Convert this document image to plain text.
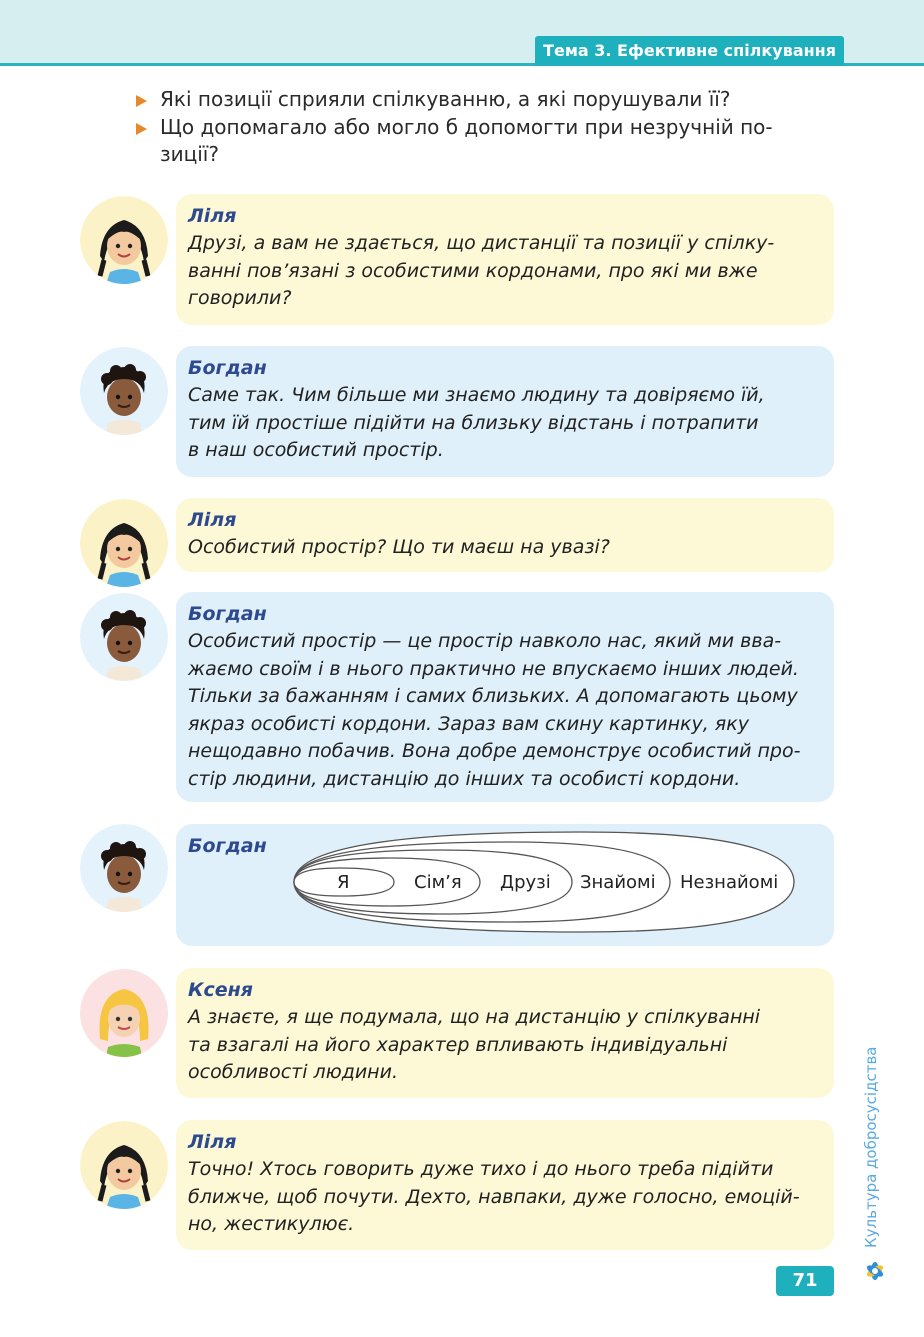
Тема 3. Ефективне спілкування
Які позиції сприяли спілкуванню, а які порушували її?
Що допомагало або могло б допомогти при незручній по-
зиції?
Ліля
Друзі, а вам не здається, що дистанції та позиції у спілку-
ванні пов’язані з особистими кордонами, про які ми вже
говорили?
Богдан
Саме так. Чим більше ми знаємо людину та довіряємо їй,
тим їй простіше підійти на близьку відстань і потрапити
в наш особистий простір.
Ліля
Особистий простір? Що ти маєш на увазі?
Богдан
Особистий простір — це простір навколо нас, який ми вва-
жаємо своїм і в нього практично не впускаємо інших людей.
Тільки за бажанням і самих близьких. А допомагають цьому
якраз особисті кордони. Зараз вам скину картинку, яку
нещодавно побачив. Вона добре демонструє особистий про-
стір людини, дистанцію до інших та особисті кордони.
Богдан
Я	Сім’я Друзі Знайомі Незнайомі
Ксеня
А знаєте, я ще подумала, що на дистанцію у спілкуванні
та взагалі на його характер впливають індивідуальні
особливості людини.
Ліля
Точно! Хтось говорить дуже тихо і до нього треба підійти
ближче, щоб почути. Дехто, навпаки, дуже голосно, емоцій-
но, жестикулює.	Культура добросусідства
71
